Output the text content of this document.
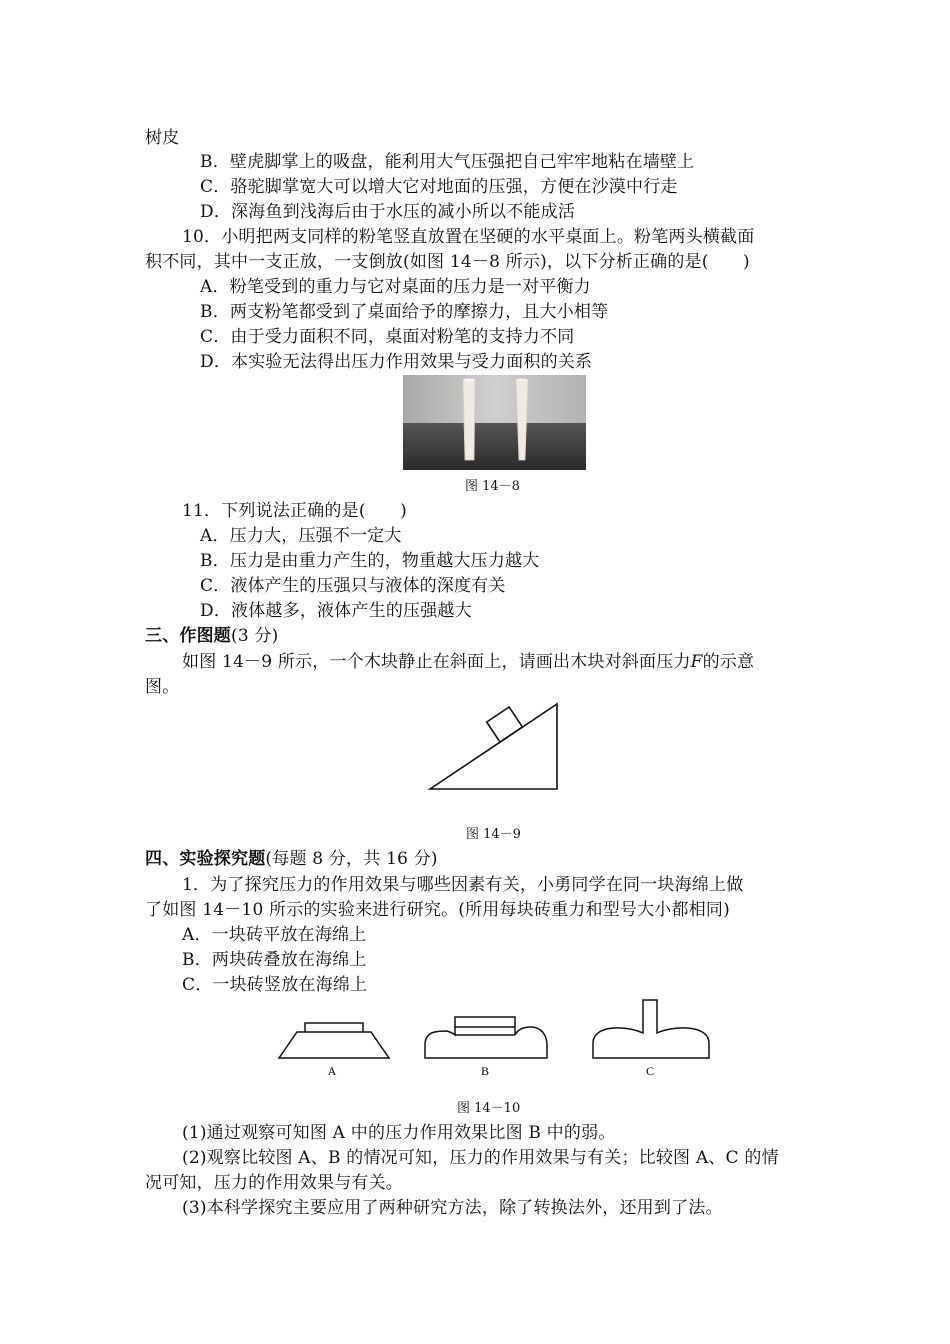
树皮
B．壁虎脚掌上的吸盘，能利用大气压强把自己牢牢地粘在墙壁上
C．骆驼脚掌宽大可以增大它对地面的压强，方便在沙漠中行走
D．深海鱼到浅海后由于水压的减小所以不能成活
10．小明把两支同样的粉笔竖直放置在坚硬的水平桌面上。粉笔两头横截面
积不同，其中一支正放，一支倒放(如图 14－8 所示)，以下分析正确的是(　　)
A．粉笔受到的重力与它对桌面的压力是一对平衡力
B．两支粉笔都受到了桌面给予的摩擦力，且大小相等
C．由于受力面积不同，桌面对粉笔的支持力不同
D．本实验无法得出压力作用效果与受力面积的关系
图 14－8
11．下列说法正确的是(　　)
A．压力大，压强不一定大
B．压力是由重力产生的，物重越大压力越大
C．液体产生的压强只与液体的深度有关
D．液体越多，液体产生的压强越大
三、作图题(3 分)
如图 14－9 所示，一个木块静止在斜面上，请画出木块对斜面压力F的示意
图。
图 14－9
四、实验探究题(每题 8 分，共 16 分)
1．为了探究压力的作用效果与哪些因素有关，小勇同学在同一块海绵上做
了如图 14－10 所示的实验来进行研究。(所用每块砖重力和型号大小都相同)
A．一块砖平放在海绵上
B．两块砖叠放在海绵上
C．一块砖竖放在海绵上
A	B	C
图 14－10
(1)通过观察可知图 A 中的压力作用效果比图 B 中的弱。
(2)观察比较图 A、B 的情况可知，压力的作用效果与有关；比较图 A、C 的情
况可知，压力的作用效果与有关。
(3)本科学探究主要应用了两种研究方法，除了转换法外，还用到了法。
